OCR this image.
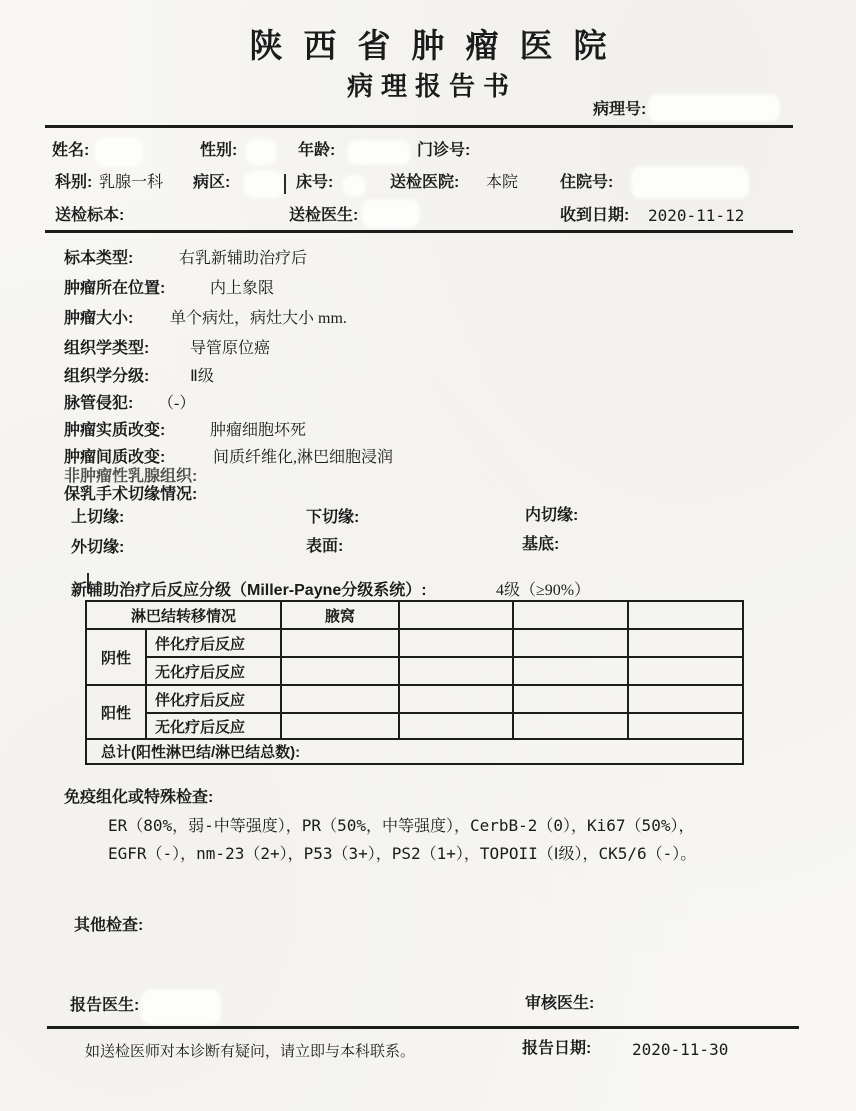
陕西省肿瘤医院
病理报告书
病理号:
姓名:	性别:	年龄:	门诊号:
科别: 乳腺一科 病区:	床号:	送检医院: 本院	住院号:
送检标本:	送检医生:	收到日期: 2020-11-12
标本类型:	右乳新辅助治疗后
肿瘤所在位置:	内上象限
肿瘤大小: 单个病灶，病灶大小 mm.
组织学类型:	导管原位癌
组织学分级:	Ⅱ级
脉管侵犯: （-）
肿瘤实质改变:	肿瘤细胞坏死
肿瘤间质改变:	间质纤维化,淋巴细胞浸润
非肿瘤性乳腺组织:
保乳手术切缘情况:
上切缘:	下切缘:	内切缘:
外切缘:	表面:	基底:
新辅助治疗后反应分级（Miller-Payne分级系统）:	4级（≥90%）
淋巴结转移情况		腋窝			
阴性	伴化疗后反应				
	无化疗后反应				
阳性	伴化疗后反应				
	无化疗后反应				
总计(阳性淋巴结/淋巴结总数):					
免疫组化或特殊检查:
ER（80%，弱-中等强度），PR（50%，中等强度），CerbB-2（0），Ki67（50%），
EGFR（-），nm-23（2+），P53（3+），PS2（1+），TOPOII（Ⅰ级），CK5/6（-）。
其他检查:
报告医生:	审核医生:
如送检医师对本诊断有疑问，请立即与本科联系。	报告日期:	2020-11-30
